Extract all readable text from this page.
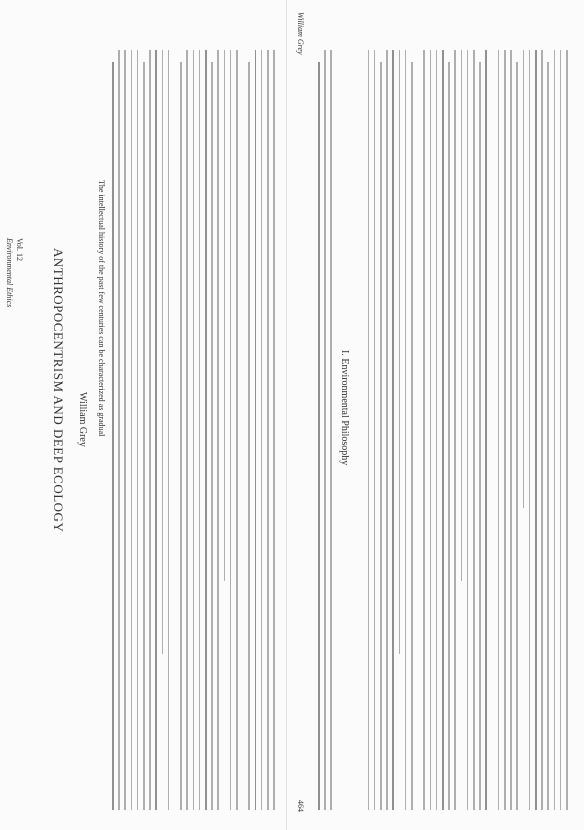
Environmental Ethics Vol. 12 ANTHROPOCENTRISM AND DEEP ECOLOGY William Grey The intellectual history of the past few centuries can be characterized as gradual
William Grey
464
I. Environmental Philosophy
